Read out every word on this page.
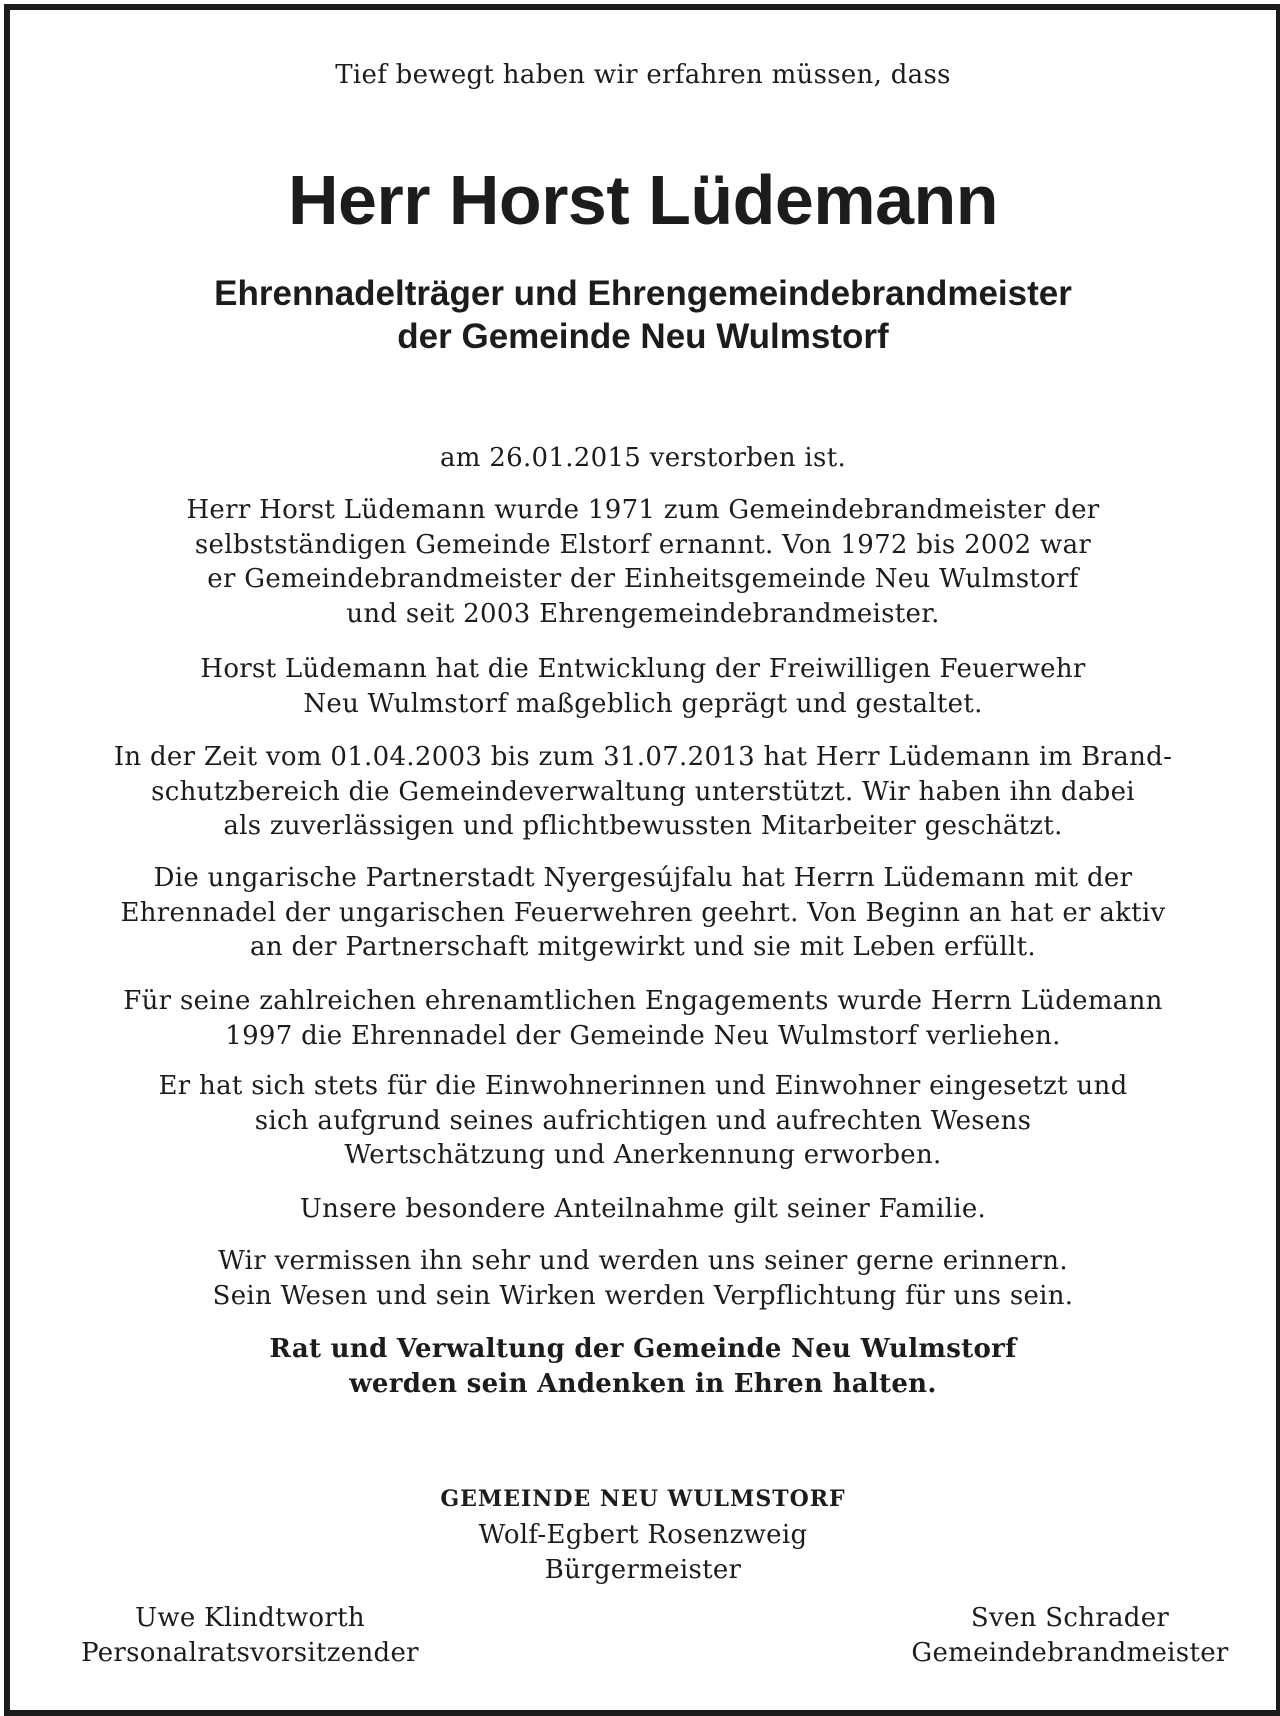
Tief bewegt haben wir erfahren müssen, dass
Herr Horst Lüdemann
Ehrennadelträger und Ehrengemeindebrandmeister
der Gemeinde Neu Wulmstorf
am 26.01.2015 verstorben ist.
Herr Horst Lüdemann wurde 1971 zum Gemeindebrandmeister der
selbstständigen Gemeinde Elstorf ernannt. Von 1972 bis 2002 war
er Gemeindebrandmeister der Einheitsgemeinde Neu Wulmstorf
und seit 2003 Ehrengemeindebrandmeister.
Horst Lüdemann hat die Entwicklung der Freiwilligen Feuerwehr
Neu Wulmstorf maßgeblich geprägt und gestaltet.
In der Zeit vom 01.04.2003 bis zum 31.07.2013 hat Herr Lüdemann im Brand-
schutzbereich die Gemeindeverwaltung unterstützt. Wir haben ihn dabei
als zuverlässigen und pflichtbewussten Mitarbeiter geschätzt.
Die ungarische Partnerstadt Nyergesújfalu hat Herrn Lüdemann mit der
Ehrennadel der ungarischen Feuerwehren geehrt. Von Beginn an hat er aktiv
an der Partnerschaft mitgewirkt und sie mit Leben erfüllt.
Für seine zahlreichen ehrenamtlichen Engagements wurde Herrn Lüdemann
1997 die Ehrennadel der Gemeinde Neu Wulmstorf verliehen.
Er hat sich stets für die Einwohnerinnen und Einwohner eingesetzt und
sich aufgrund seines aufrichtigen und aufrechten Wesens
Wertschätzung und Anerkennung erworben.
Unsere besondere Anteilnahme gilt seiner Familie.
Wir vermissen ihn sehr und werden uns seiner gerne erinnern.
Sein Wesen und sein Wirken werden Verpflichtung für uns sein.
Rat und Verwaltung der Gemeinde Neu Wulmstorf
werden sein Andenken in Ehren halten.
GEMEINDE NEU WULMSTORF
Wolf-Egbert Rosenzweig
Bürgermeister
Uwe Klindtworth
Personalratsvorsitzender
Sven Schrader
Gemeindebrandmeister
